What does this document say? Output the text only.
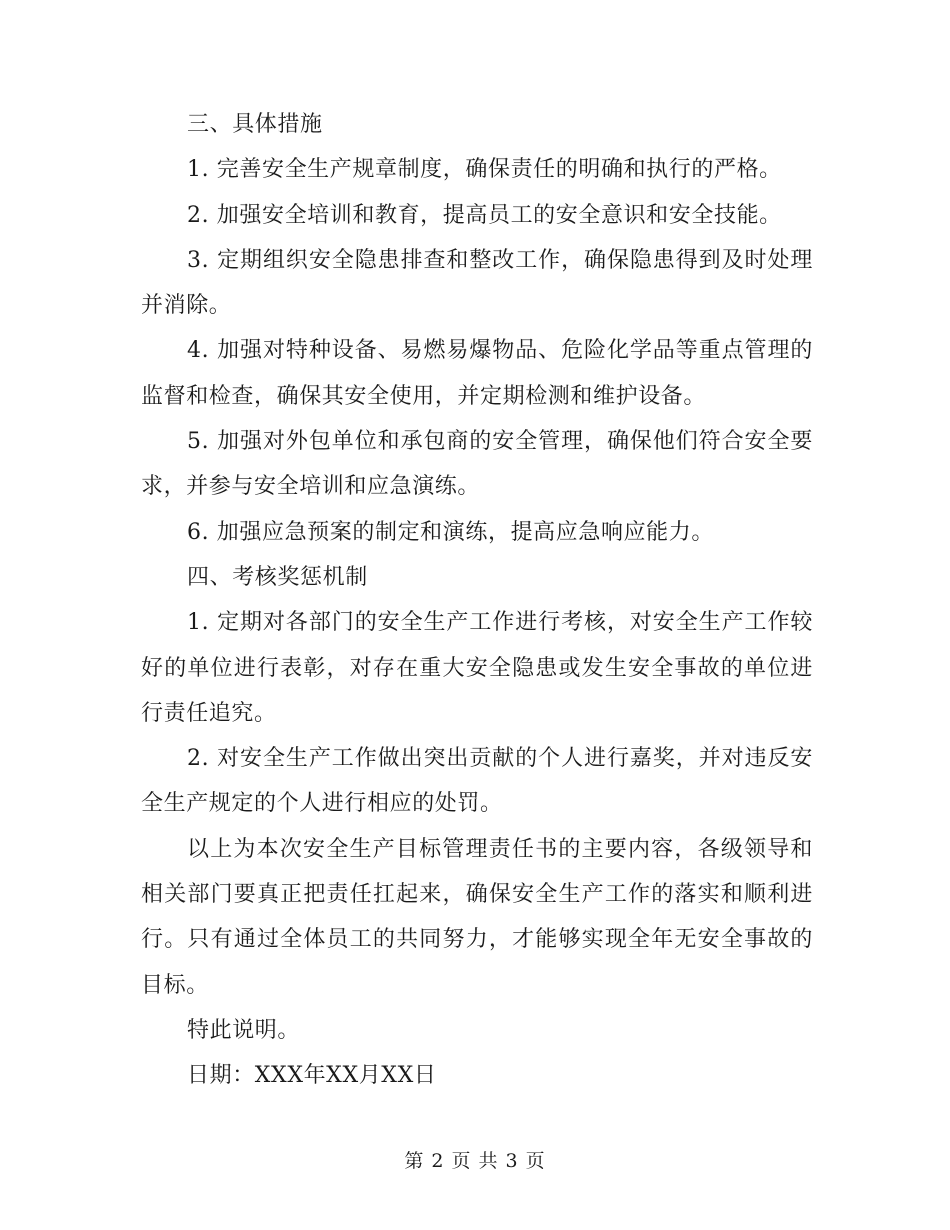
三、具体措施

1. 完善安全生产规章制度，确保责任的明确和执行的严格。

2. 加强安全培训和教育，提高员工的安全意识和安全技能。

3. 定期组织安全隐患排查和整改工作，确保隐患得到及时处理并消除。

4. 加强对特种设备、易燃易爆物品、危险化学品等重点管理的监督和检查，确保其安全使用，并定期检测和维护设备。

5. 加强对外包单位和承包商的安全管理，确保他们符合安全要求，并参与安全培训和应急演练。

6. 加强应急预案的制定和演练，提高应急响应能力。

四、考核奖惩机制

1. 定期对各部门的安全生产工作进行考核，对安全生产工作较好的单位进行表彰，对存在重大安全隐患或发生安全事故的单位进行责任追究。

2. 对安全生产工作做出突出贡献的个人进行嘉奖，并对违反安全生产规定的个人进行相应的处罚。

以上为本次安全生产目标管理责任书的主要内容，各级领导和相关部门要真正把责任扛起来，确保安全生产工作的落实和顺利进行。只有通过全体员工的共同努力，才能够实现全年无安全事故的目标。

特此说明。

日期：XXX年XX月XX日

第 2 页 共 3 页
